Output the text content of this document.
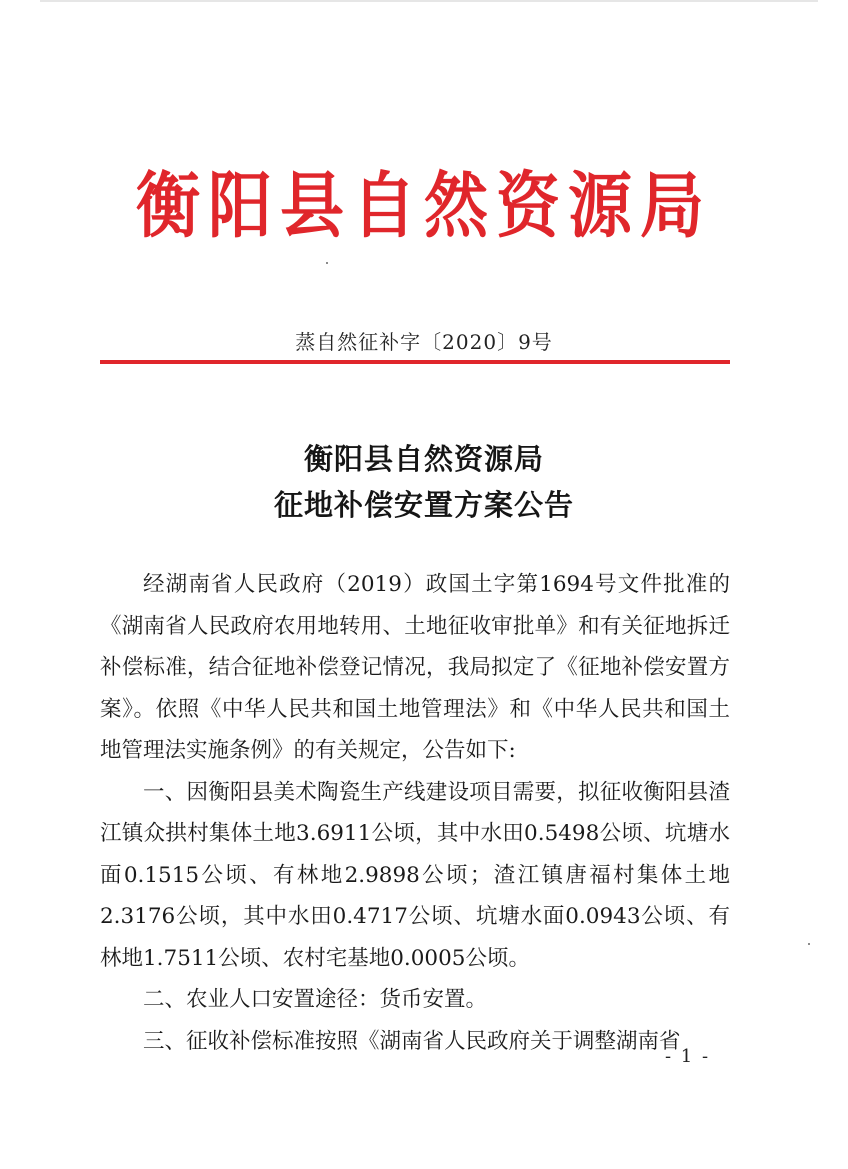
衡阳县自然资源局
蒸自然征补字〔2020〕9号
衡阳县自然资源局
征地补偿安置方案公告

经湖南省人民政府（2019）政国土字第1694号文件批准的《湖南省人民政府农用地转用、土地征收审批单》和有关征地拆迁补偿标准，结合征地补偿登记情况，我局拟定了《征地补偿安置方案》。依照《中华人民共和国土地管理法》和《中华人民共和国土地管理法实施条例》的有关规定，公告如下:

一、因衡阳县美术陶瓷生产线建设项目需要，拟征收衡阳县渣江镇众拱村集体土地3.6911公顷，其中水田0.5498公顷、坑塘水面0.1515公顷、有林地2.9898公顷；渣江镇唐福村集体土地2.3176公顷，其中水田0.4717公顷、坑塘水面0.0943公顷、有林地1.7511公顷、农村宅基地0.0005公顷。

二、农业人口安置途径：货币安置。

三、征收补偿标准按照《湖南省人民政府关于调整湖南省

- 1 -
